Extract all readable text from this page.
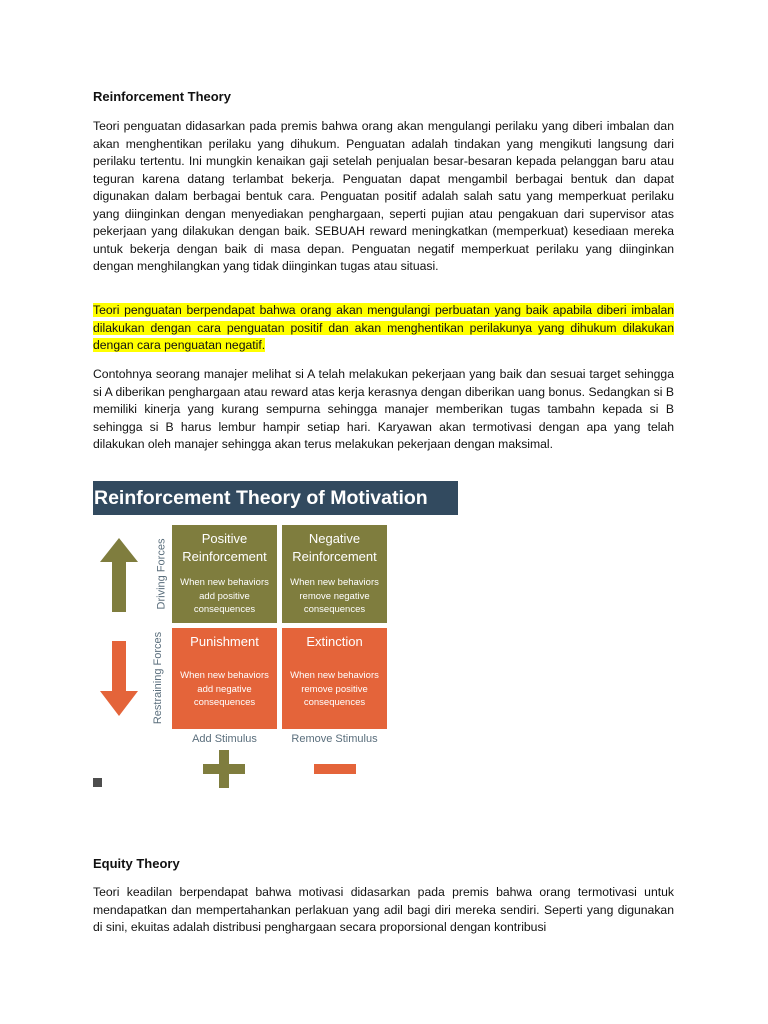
Reinforcement Theory
Teori penguatan didasarkan pada premis bahwa orang akan mengulangi perilaku yang diberi imbalan dan akan menghentikan perilaku yang dihukum. Penguatan adalah tindakan yang mengikuti langsung dari perilaku tertentu. Ini mungkin kenaikan gaji setelah penjualan besar-besaran kepada pelanggan baru atau teguran karena datang terlambat bekerja. Penguatan dapat mengambil berbagai bentuk dan dapat digunakan dalam berbagai bentuk cara. Penguatan positif adalah salah satu yang memperkuat perilaku yang diinginkan dengan menyediakan penghargaan, seperti pujian atau pengakuan dari supervisor atas pekerjaan yang dilakukan dengan baik. SEBUAH reward meningkatkan (memperkuat) kesediaan mereka untuk bekerja dengan baik di masa depan. Penguatan negatif memperkuat perilaku yang diinginkan dengan menghilangkan yang tidak diinginkan tugas atau situasi.
Teori penguatan berpendapat bahwa orang akan mengulangi perbuatan yang baik apabila diberi imbalan dilakukan dengan cara penguatan positif dan akan menghentikan perilakunya yang dihukum dilakukan dengan cara penguatan negatif.
Contohnya seorang manajer melihat si A telah melakukan pekerjaan yang baik dan sesuai target sehingga si A diberikan penghargaan atau reward atas kerja kerasnya dengan diberikan uang bonus. Sedangkan si B memiliki kinerja yang kurang sempurna sehingga manajer memberikan tugas tambahn kepada si B sehingga si B harus lembur hampir setiap hari. Karyawan akan termotivasi dengan apa yang telah dilakukan oleh manajer sehingga akan terus melakukan pekerjaan dengan maksimal.
Reinforcement Theory of Motivation
Driving Forces
Restraining Forces
Positive Reinforcement
When new behaviors add positive consequences
Negative Reinforcement
When new behaviors remove negative consequences
Punishment
When new behaviors add negative consequences
Extinction
When new behaviors remove positive consequences
Add Stimulus	Remove Stimulus
Equity Theory
Teori keadilan berpendapat bahwa motivasi didasarkan pada premis bahwa orang termotivasi untuk mendapatkan dan mempertahankan perlakuan yang adil bagi diri mereka sendiri. Seperti yang digunakan di sini, ekuitas adalah distribusi penghargaan secara proporsional dengan kontribusi
